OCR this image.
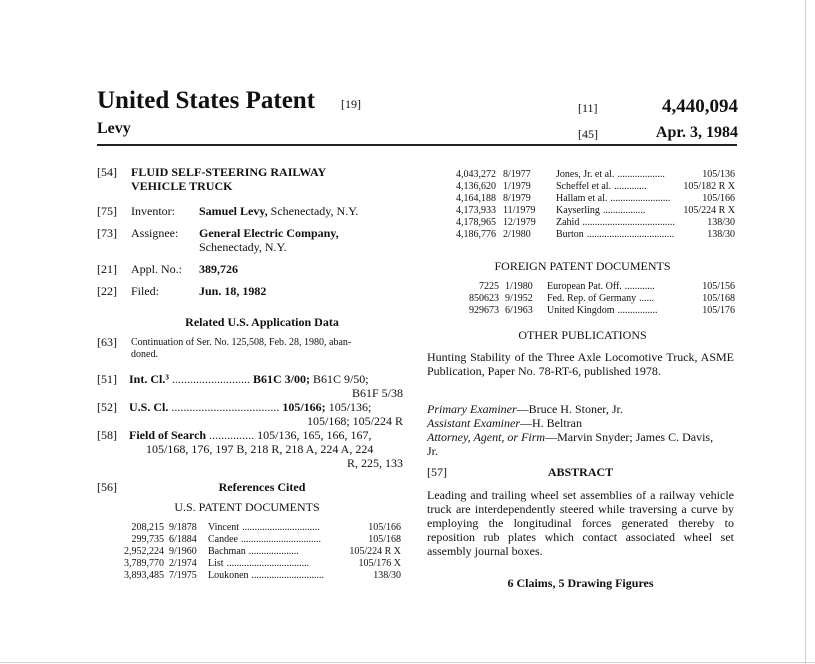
United States Patent [19]
Levy
[11]	4,440,094
[45]	Apr. 3, 1984
[54] FLUID SELF-STEERING RAILWAY
VEHICLE TRUCK
[75] Inventor: Samuel Levy, Schenectady, N.Y.
[73] Assignee: General Electric Company,
Schenectady, N.Y.
[21] Appl. No.: 389,726
[22] Filed:	Jun. 18, 1982
Related U.S. Application Data
[63] Continuation of Ser. No. 125,508, Feb. 28, 1980, aban-
doned.
[51] Int. Cl.³ .......................... B61C 3/00; B61C 9/50;
B61F 5/38
[52] U.S. Cl. .................................... 105/166; 105/136;
105/168; 105/224 R
[58] Field of Search ............... 105/136, 165, 166, 167,
105/168, 176, 197 B, 218 R, 218 A, 224 A, 224
R, 225, 133
[56]	References Cited
U.S. PATENT DOCUMENTS
208,215 9/1878 Vincent ...............................	105/166
299,735 6/1884 Candee ................................	105/168
2,952,224 9/1960 Bachman ....................	105/224 R X
3,789,770 2/1974 List .................................	105/176 X
3,893,485 7/1975 Loukonen .............................	138/30
4,043,272 8/1977	Jones, Jr. et al. ...................	105/136
4,136,620 1/1979	Scheffel et al. .............	105/182 R X
4,164,188 8/1979	Hallam et al. ........................	105/166
4,173,933 11/1979 Kayserling .................	105/224 R X
4,178,965 12/1979 Zahid .....................................	138/30
4,186,776 2/1980	Burton ...................................	138/30
FOREIGN PATENT DOCUMENTS
7225 1/1980 European Pat. Off. ............	105/156
850623 9/1952 Fed. Rep. of Germany ......	105/168
929673 6/1963 United Kingdom ................	105/176
OTHER PUBLICATIONS
Hunting Stability of the Three Axle Locomotive Truck, ASME Publication, Paper No. 78-RT-6, published 1978.
Primary Examiner—Bruce H. Stoner, Jr.
Assistant Examiner—H. Beltran
Attorney, Agent, or Firm—Marvin Snyder; James C. Davis, Jr.
[57]	ABSTRACT
Leading and trailing wheel set assemblies of a railway vehicle truck are interdependently steered while traversing a curve by employing the longitudinal forces generated thereby to reposition rub plates which contact associated wheel set assembly journal boxes.
6 Claims, 5 Drawing Figures
